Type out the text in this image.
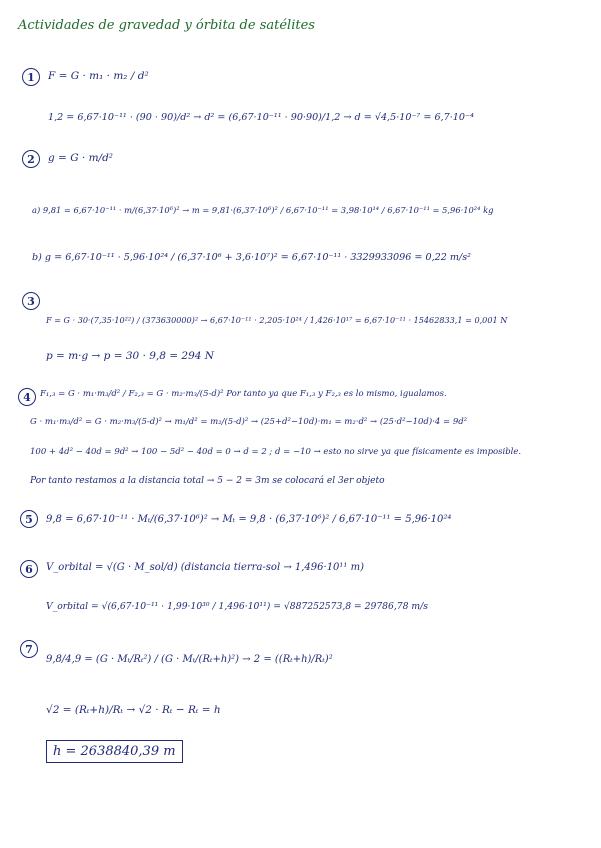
Actividades de gravedad y órbita de satélites
1	F = G · m₁ · m₂ / d²
1,2 = 6,67·10⁻¹¹ · (90 · 90)/d² → d² = (6,67·10⁻¹¹ · 90·90)/1,2 → d = √4,5·10⁻⁷ = 6,7·10⁻⁴
2	g = G · m/d²
a) 9,81 = 6,67·10⁻¹¹ · m/(6,37·10⁶)² → m = 9,81·(6,37·10⁶)² / 6,67·10⁻¹¹ = 3,98·10¹⁴ / 6,67·10⁻¹¹ = 5,96·10²⁴ kg
b) g = 6,67·10⁻¹¹ · 5,96·10²⁴ / (6,37·10⁶ + 3,6·10⁷)² = 6,67·10⁻¹¹ · 3329933096 = 0,22 m/s²
3
F = G · 30·(7,35·10²²) / (373630000)² → 6,67·10⁻¹¹ · 2,205·10²⁴ / 1,426·10¹⁷ = 6,67·10⁻¹¹ · 15462833,1 = 0,001 N
p = m·g → p = 30 · 9,8 = 294 N
4	F₁,₃ = G · m₁·m₃/d² / F₂,₃ = G · m₂·m₃/(5-d)² Por tanto ya que F₁,₃ y F₂,₃ es lo mismo, igualamos.
G · m₁·m₃/d² = G · m₂·m₃/(5-d)² → m₁/d² = m₂/(5-d)² → (25+d²−10d)·m₁ = m₂·d² → (25·d²−10d)·4 = 9d²
100 + 4d² − 40d = 9d² → 100 − 5d² − 40d = 0 → d = 2 ; d = −10 → esto no sirve ya que físicamente es imposible.
Por tanto restamos a la distancia total → 5 − 2 = 3m se colocará el 3er objeto
5	9,8 = 6,67·10⁻¹¹ · Mₜ/(6,37·10⁶)² → Mₜ = 9,8 · (6,37·10⁶)² / 6,67·10⁻¹¹ = 5,96·10²⁴
6	V_orbital = √(G · M_sol/d) (distancia tierra-sol → 1,496·10¹¹ m)
V_orbital = √(6,67·10⁻¹¹ · 1,99·10³⁰ / 1,496·10¹¹) = √887252573,8 = 29786,78 m/s
7
9,8/4,9 = (G · Mₜ/Rₜ²) / (G · Mₜ/(Rₜ+h)²) → 2 = ((Rₜ+h)/Rₜ)²
√2 = (Rₜ+h)/Rₜ → √2 · Rₜ − Rₜ = h
h = 2638840,39 m
